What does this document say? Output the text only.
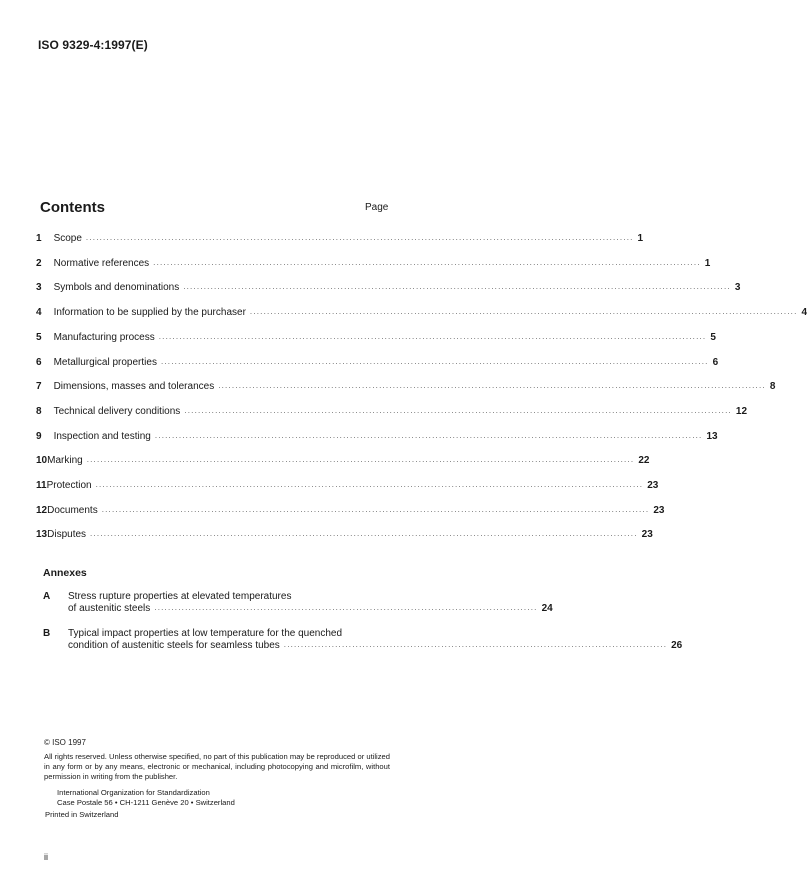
ISO 9329-4:1997(E)
Contents	Page
1	Scope ................................................................................................................................................................ 1
2	Normative references ................................................................................................................................................................ 1
3	Symbols and denominations ................................................................................................................................................................ 3
4	Information to be supplied by the purchaser ................................................................................................................................................................ 4
5	Manufacturing process ................................................................................................................................................................ 5
6	Metallurgical properties ................................................................................................................................................................ 6
7	Dimensions, masses and tolerances ................................................................................................................................................................ 8
8	Technical delivery conditions ................................................................................................................................................................ 12
9	Inspection and testing ................................................................................................................................................................ 13
10 Marking ................................................................................................................................................................ 22
11 Protection ................................................................................................................................................................ 23
12 Documents ................................................................................................................................................................ 23
13 Disputes ................................................................................................................................................................ 23
Annexes
A Stress rupture properties at elevated temperatures
of austenitic steels ................................................................................................................ 24
B Typical impact properties at low temperature for the quenched
condition of austenitic steels for seamless tubes ................................................................................................................ 26
© ISO 1997
All rights reserved. Unless otherwise specified, no part of this publication may be reproduced or utilized in any form or by any means, electronic or mechanical, including photocopying and microfilm, without permission in writing from the publisher.
International Organization for Standardization
Case Postale 56 • CH-1211 Genève 20 • Switzerland
Printed in Switzerland
ii
